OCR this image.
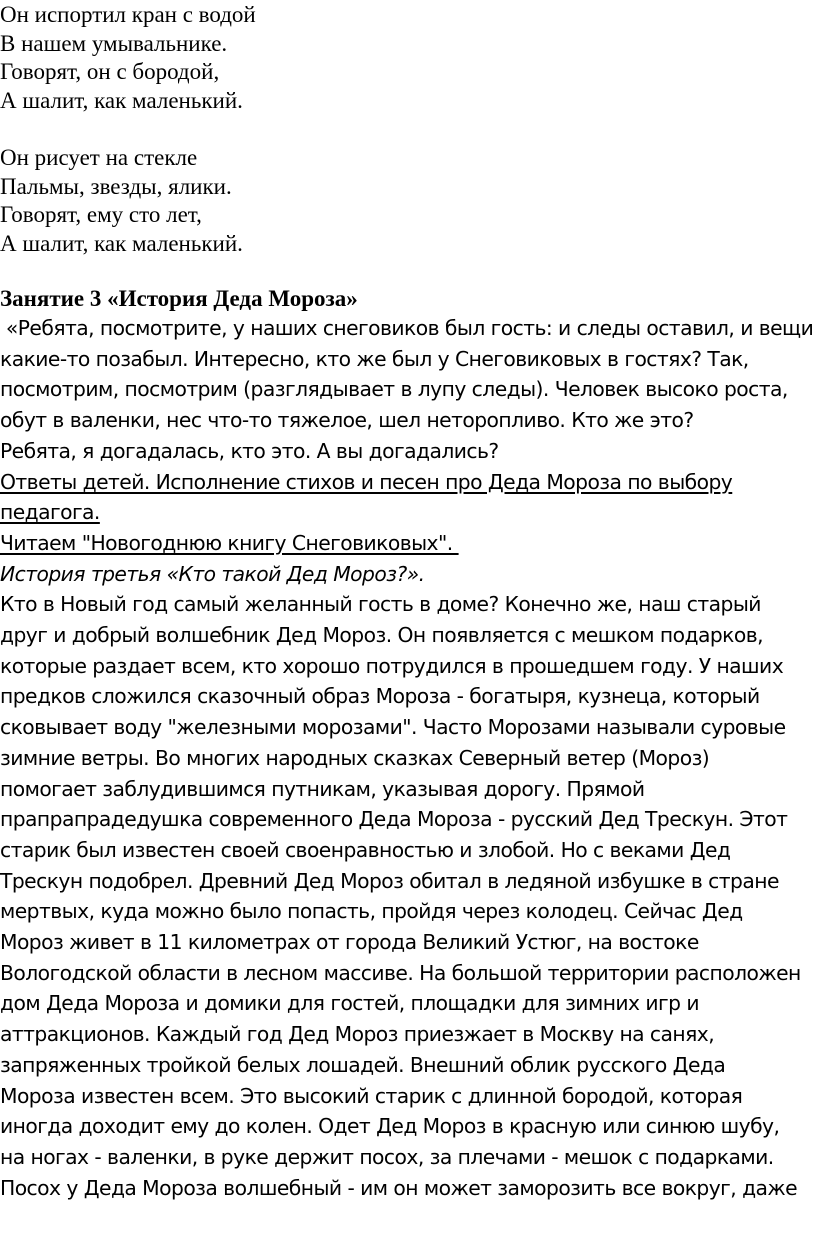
Он испортил кран с водой
В нашем умывальнике.
Говорят, он с бородой,
А шалит, как маленький.
Он рисует на стекле
Пальмы, звезды, ялики.
Говорят, ему сто лет,
А шалит, как маленький.
Занятие 3 «История Деда Мороза»
«Ребята, посмотрите, у наших снеговиков был гость: и следы оставил, и вещи
какие-то позабыл. Интересно, кто же был у Снеговиковых в гостях? Так,
посмотрим, посмотрим (разглядывает в лупу следы). Человек высоко роста,
обут в валенки, нес что-то тяжелое, шел неторопливо. Кто же это?
Ребята, я догадалась, кто это. А вы догадались?
Ответы детей. Исполнение стихов и песен про Деда Мороза по выбору
педагога.
Читаем "Новогоднюю книгу Снеговиковых".
История третья «Кто такой Дед Мороз?».
Кто в Новый год самый желанный гость в доме? Конечно же, наш старый
друг и добрый волшебник Дед Мороз. Он появляется с мешком подарков,
которые раздает всем, кто хорошо потрудился в прошедшем году. У наших
предков сложился сказочный образ Мороза - богатыря, кузнеца, который
сковывает воду "железными морозами". Часто Морозами называли суровые
зимние ветры. Во многих народных сказках Северный ветер (Мороз)
помогает заблудившимся путникам, указывая дорогу. Прямой
прапрапрадедушка современного Деда Мороза - русский Дед Трескун. Этот
старик был известен своей своенравностью и злобой. Но с веками Дед
Трескун подобрел. Древний Дед Мороз обитал в ледяной избушке в стране
мертвых, куда можно было попасть, пройдя через колодец. Сейчас Дед
Мороз живет в 11 километрах от города Великий Устюг, на востоке
Вологодской области в лесном массиве. На большой территории расположен
дом Деда Мороза и домики для гостей, площадки для зимних игр и
аттракционов. Каждый год Дед Мороз приезжает в Москву на санях,
запряженных тройкой белых лошадей. Внешний облик русского Деда
Мороза известен всем. Это высокий старик с длинной бородой, которая
иногда доходит ему до колен. Одет Дед Мороз в красную или синюю шубу,
на ногах - валенки, в руке держит посох, за плечами - мешок с подарками.
Посох у Деда Мороза волшебный - им он может заморозить все вокруг, даже
